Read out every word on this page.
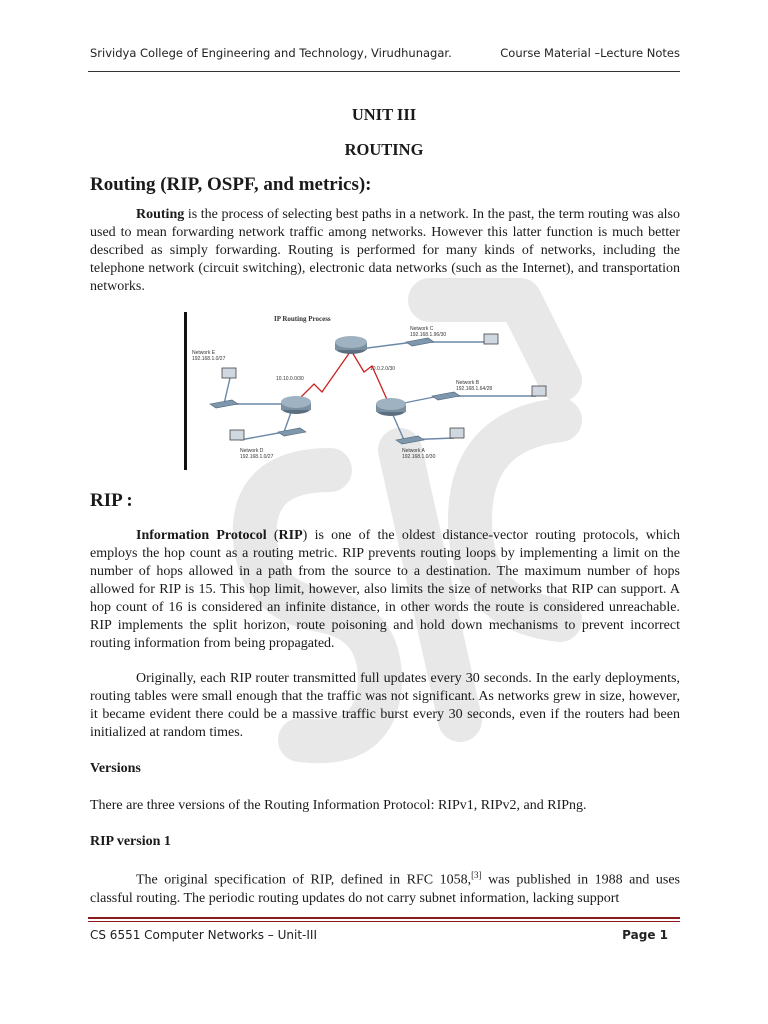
Srividya College of Engineering and Technology, Virudhunagar.	Course Material –Lecture Notes
UNIT III
ROUTING
Routing (RIP, OSPF, and metrics):

Routing is the process of selecting best paths in a network. In the past, the term routing was also used to mean forwarding network traffic among networks. However this latter function is much better described as simply forwarding. Routing is performed for many kinds of networks, including the telephone network (circuit switching), electronic data networks (such as the Internet), and transportation networks.

IP Routing Process
Network E
192.168.1.0/27
Network C
192.168.1.96/30
Network B
192.168.1.64/28
Network D
192.168.1.0/27
Network A
192.168.1.0/30
10.10.0.0/30
10.0.2.0/30
RIP :

Information Protocol (RIP) is one of the oldest distance-vector routing protocols, which employs the hop count as a routing metric. RIP prevents routing loops by implementing a limit on the number of hops allowed in a path from the source to a destination. The maximum number of hops allowed for RIP is 15. This hop limit, however, also limits the size of networks that RIP can support. A hop count of 16 is considered an infinite distance, in other words the route is considered unreachable. RIP implements the split horizon, route poisoning and hold down mechanisms to prevent incorrect routing information from being propagated.

Originally, each RIP router transmitted full updates every 30 seconds. In the early deployments, routing tables were small enough that the traffic was not significant. As networks grew in size, however, it became evident there could be a massive traffic burst every 30 seconds, even if the routers had been initialized at random times.

Versions

There are three versions of the Routing Information Protocol: RIPv1, RIPv2, and RIPng.

RIP version 1

The original specification of RIP, defined in RFC 1058,[3] was published in 1988 and uses classful routing. The periodic routing updates do not carry subnet information, lacking support

CS 6551 Computer Networks – Unit-III	Page 1
